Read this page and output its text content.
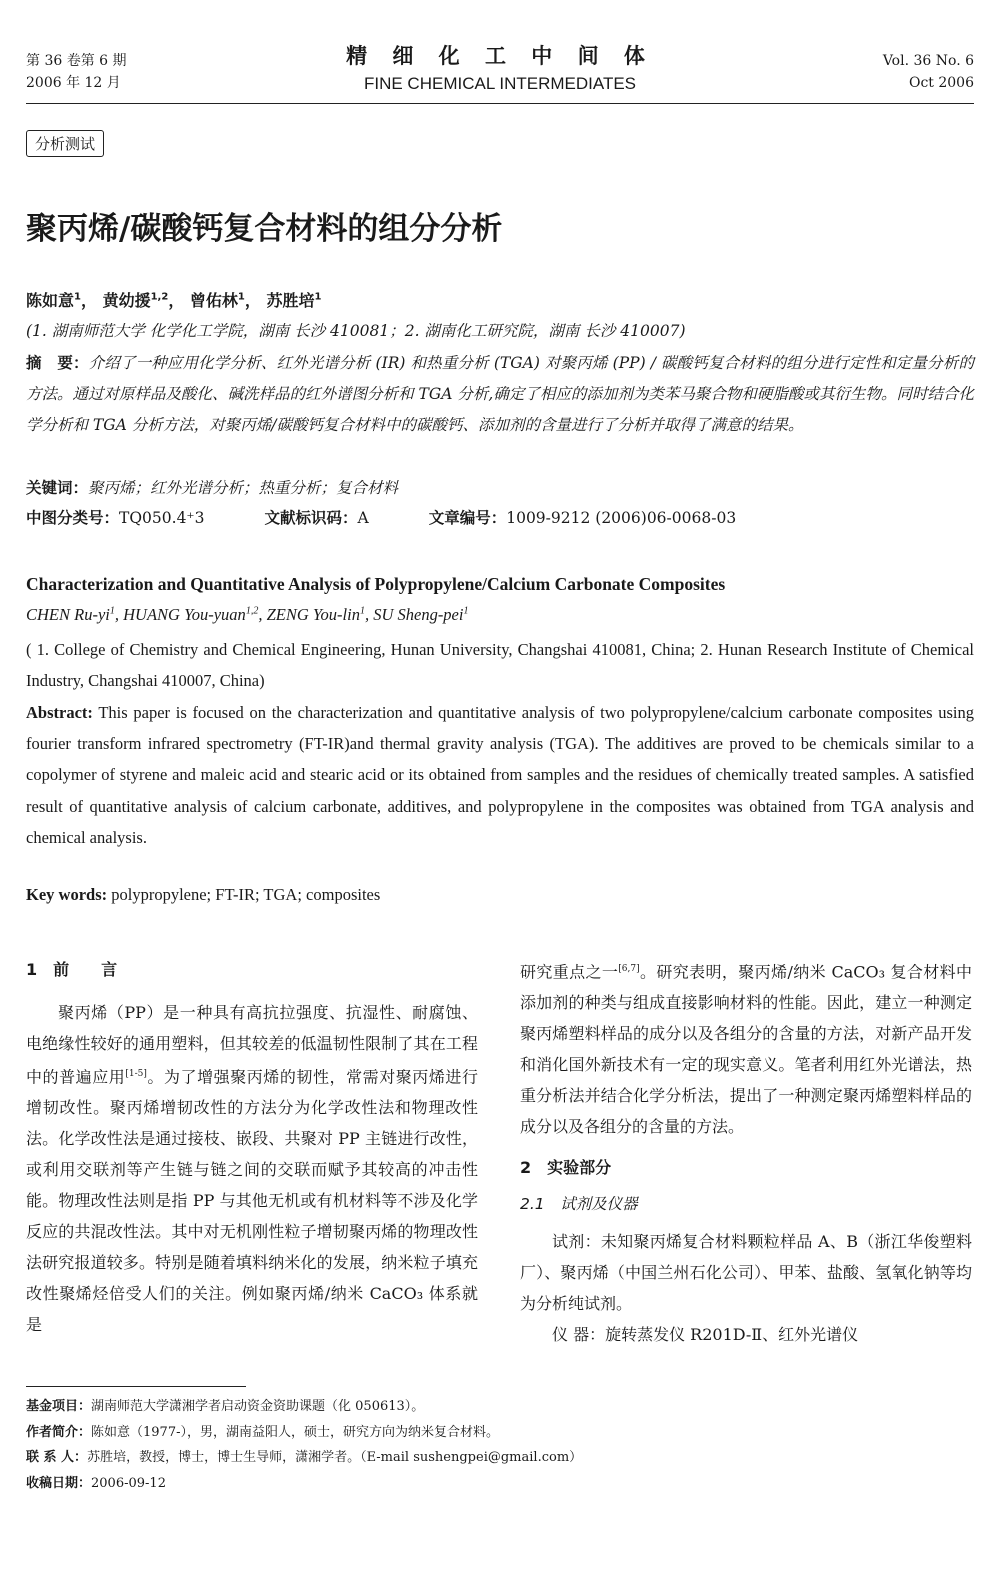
第 36 卷第 6 期
2006 年 12 月
精 细 化 工 中 间 体
FINE CHEMICAL INTERMEDIATES
Vol. 36 No. 6
Oct 2006
分析测试
聚丙烯/碳酸钙复合材料的组分分析
陈如意$^1$， 黄幼援$^{1,2}$， 曾佑林$^1$， 苏胜培$^1$
(1. 湖南师范大学 化学化工学院，湖南 长沙 410081；2. 湖南化工研究院，湖南 长沙 410007)
摘　要：介绍了一种应用化学分析、红外光谱分析 (IR) 和热重分析 (TGA) 对聚丙烯 (PP) / 碳酸钙复合材料的组分进行定性和定量分析的方法。通过对原样品及酸化、碱洗样品的红外谱图分析和 TGA 分析,确定了相应的添加剂为类苯马聚合物和硬脂酸或其衍生物。同时结合化学分析和 TGA 分析方法，对聚丙烯/碳酸钙复合材料中的碳酸钙、添加剂的含量进行了分析并取得了满意的结果。
关键词：聚丙烯；红外光谱分析；热重分析；复合材料
中图分类号：TQ050.4⁺3	文献标识码：A	文章编号：1009-9212 (2006)06-0068-03
Characterization and Quantitative Analysis of Polypropylene/Calcium Carbonate Composites
CHEN $Ru-yi^1$, HUANG You-yuan$^{1,2}$, ZENG You-lin$^1$, SU Sheng-pei$^1$
( 1. College of Chemistry and Chemical Engineering, Hunan University, Changshai 410081, China; 2. Hunan Research Institute of Chemical Industry, Changshai 410007, China)
Abstract: This paper is focused on the characterization and quantitative analysis of two polypropylene/calcium carbonate composites using fourier transform infrared spectrometry (FT-IR)and thermal gravity analysis (TGA). The additives are proved to be chemicals similar to a copolymer of styrene and maleic acid and stearic acid or its obtained from samples and the residues of chemically treated samples. A satisfied result of quantitative analysis of calcium carbonate, additives, and polypropylene in the composites was obtained from TGA analysis and chemical analysis.
Key words: polypropylene; FT-IR; TGA; composites
1　前　　言

聚丙烯（PP）是一种具有高抗拉强度、抗湿性、耐腐蚀、电绝缘性较好的通用塑料，但其较差的低温韧性限制了其在工程中的普遍应用[1-5]。为了增强聚丙烯的韧性，常需对聚丙烯进行增韧改性。聚丙烯增韧改性的方法分为化学改性法和物理改性法。化学改性法是通过接枝、嵌段、共聚对 PP 主链进行改性，或利用交联剂等产生链与链之间的交联而赋予其较高的冲击性能。物理改性法则是指 PP 与其他无机或有机材料等不涉及化学反应的共混改性法。其中对无机刚性粒子增韧聚丙烯的物理改性法研究报道较多。特别是随着填料纳米化的发展，纳米粒子填充改性聚烯烃倍受人们的关注。例如聚丙烯/纳米 CaCO₃ 体系就是

研究重点之一[6,7]。研究表明，聚丙烯/纳米 CaCO₃ 复合材料中添加剂的种类与组成直接影响材料的性能。因此，建立一种测定聚丙烯塑料样品的成分以及各组分的含量的方法，对新产品开发和消化国外新技术有一定的现实意义。笔者利用红外光谱法，热重分析法并结合化学分析法，提出了一种测定聚丙烯塑料样品的成分以及各组分的含量的方法。

2　实验部分
2.1　试剂及仪器

试剂：未知聚丙烯复合材料颗粒样品 A、B（浙江华俊塑料厂）、聚丙烯（中国兰州石化公司）、甲苯、盐酸、氢氧化钠等均为分析纯试剂。

仪 器：旋转蒸发仪 R201D-Ⅱ、红外光谱仪

基金项目：湖南师范大学潇湘学者启动资金资助课题（化 050613）。
作者简介：陈如意（1977-），男，湖南益阳人，硕士，研究方向为纳米复合材料。
联 系 人：苏胜培，教授，博士，博士生导师，潇湘学者。（E-mail sushengpei@gmail.com）
收稿日期：2006-09-12
